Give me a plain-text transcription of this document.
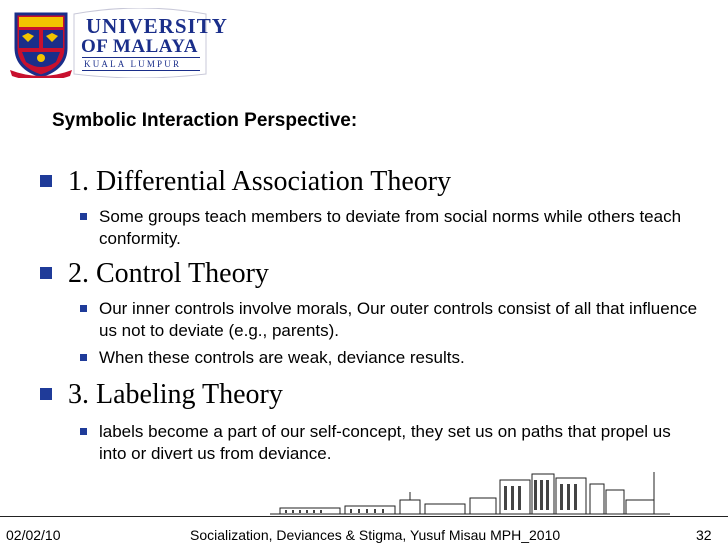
UNIVERSITY
OF MALAYA
KUALA LUMPUR
Symbolic Interaction Perspective:
1. Differential Association Theory
Some groups teach members to deviate from social norms while others teach conformity.
2. Control Theory
Our inner controls involve morals, Our outer controls consist of all that influence us not to deviate (e.g., parents).
When these controls are weak, deviance results.
3. Labeling Theory
labels become a part of our self-concept, they set us on paths that propel us into or divert us from deviance.
02/02/10	Socialization, Deviances & Stigma, Yusuf Misau MPH_2010	32
